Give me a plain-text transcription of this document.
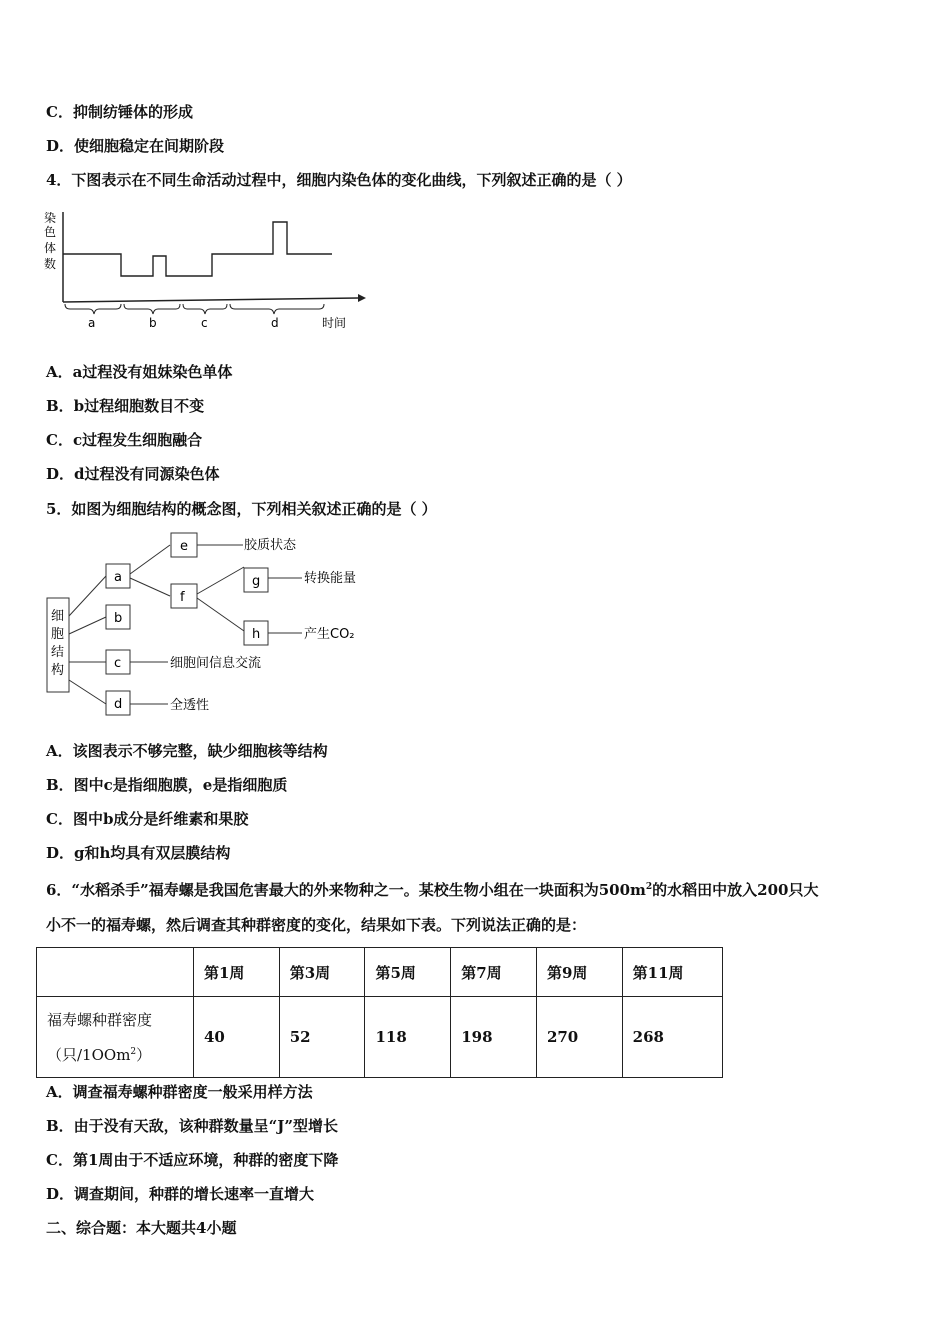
C．抑制纺锤体的形成
D．使细胞稳定在间期阶段
4．下图表示在不同生命活动过程中，细胞内染色体的变化曲线，下列叙述正确的是（ ）
染
色
体
数
a	b	c	d	时间
A．a过程没有姐妹染色单体
B．b过程细胞数目不变
C．c过程发生细胞融合
D．d过程没有同源染色体
5．如图为细胞结构的概念图，下列相关叙述正确的是（ ）
细
胞
结
构
a
b
c
d
e
f
胶质状态
g
h
转换能量
产生CO₂
细胞间信息交流
全透性
A．该图表示不够完整，缺少细胞核等结构
B．图中c是指细胞膜，e是指细胞质
C．图中b成分是纤维素和果胶
D．g和h均具有双层膜结构
6．“水稻杀手”福寿螺是我国危害最大的外来物种之一。某校生物小组在一块面积为$500m^2$的水稻田中放入200只大
小不一的福寿螺，然后调查其种群密度的变化，结果如下表。下列说法正确的是：
	第1周	第3周	第5周	第7周	第9周	第11周

福寿螺种群密度
（只/1OOm$^2$）	40	52	118	198	270	268
A．调查福寿螺种群密度一般采用样方法
B．由于没有天敌，该种群数量呈“J”型增长
C．第1周由于不适应环境，种群的密度下降
D．调查期间，种群的增长速率一直增大
二、综合题：本大题共4小题
